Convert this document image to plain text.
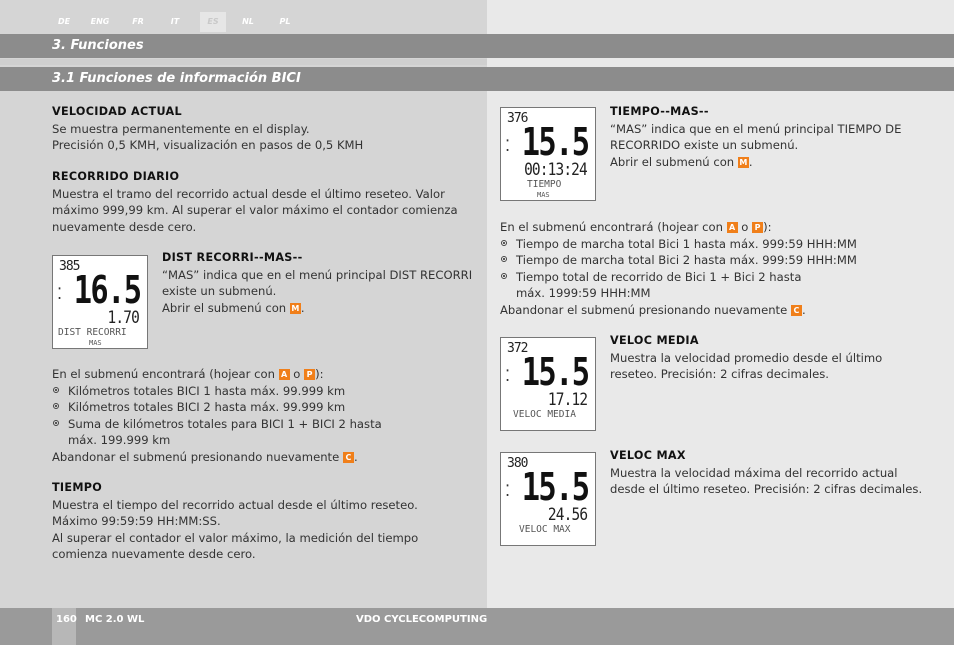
DE	ENG	FR	IT	ES	NL	PL
3. Funciones
3.1 Funciones de información BICI
VELOCIDAD ACTUAL
Se muestra permanentemente en el display.
Precisión 0,5 KMH, visualización en pasos de 0,5 KMH
RECORRIDO DIARIO
Muestra el tramo del recorrido actual desde el último reseteo. Valor
máximo 999,99 km. Al superar el valor máximo el contador comienza
nuevamente desde cero.
385
⁚ 16.5
1.70
DIST RECORRI
MAS
DIST RECORRI--MAS--
“MAS” indica que en el menú principal DIST RECORRI
existe un submenú.
Abrir el submenú con M .
En el submenú encontrará (hojear con A o P ):
Kilómetros totales BICI 1 hasta máx. 99.999 km
Kilómetros totales BICI 2 hasta máx. 99.999 km
Suma de kilómetros totales para BICI 1 + BICI 2 hasta
máx. 199.999 km
Abandonar el submenú presionando nuevamente C .
TIEMPO
Muestra el tiempo del recorrido actual desde el último reseteo.
Máximo 99:59:59 HH:MM:SS.
Al superar el contador el valor máximo, la medición del tiempo
comienza nuevamente desde cero.
376
⁚ 15.5
00:13:24
TIEMPO
MAS
TIEMPO--MAS--
“MAS” indica que en el menú principal TIEMPO DE
RECORRIDO existe un submenú.
Abrir el submenú con M .
En el submenú encontrará (hojear con A o P ):
Tiempo de marcha total Bici 1 hasta máx. 999:59 HHH:MM
Tiempo de marcha total Bici 2 hasta máx. 999:59 HHH:MM
Tiempo total de recorrido de Bici 1 + Bici 2 hasta
máx. 1999:59 HHH:MM
Abandonar el submenú presionando nuevamente C .
372
⁚ 15.5
17.12
VELOC MEDIA
VELOC MEDIA
Muestra la velocidad promedio desde el último
reseteo. Precisión: 2 cifras decimales.
380
⁚ 15.5
24.56
VELOC MAX
VELOC MAX
Muestra la velocidad máxima del recorrido actual
desde el último reseteo. Precisión: 2 cifras decimales.
160 MC 2.0 WL	VDO CYCLECOMPUTING
